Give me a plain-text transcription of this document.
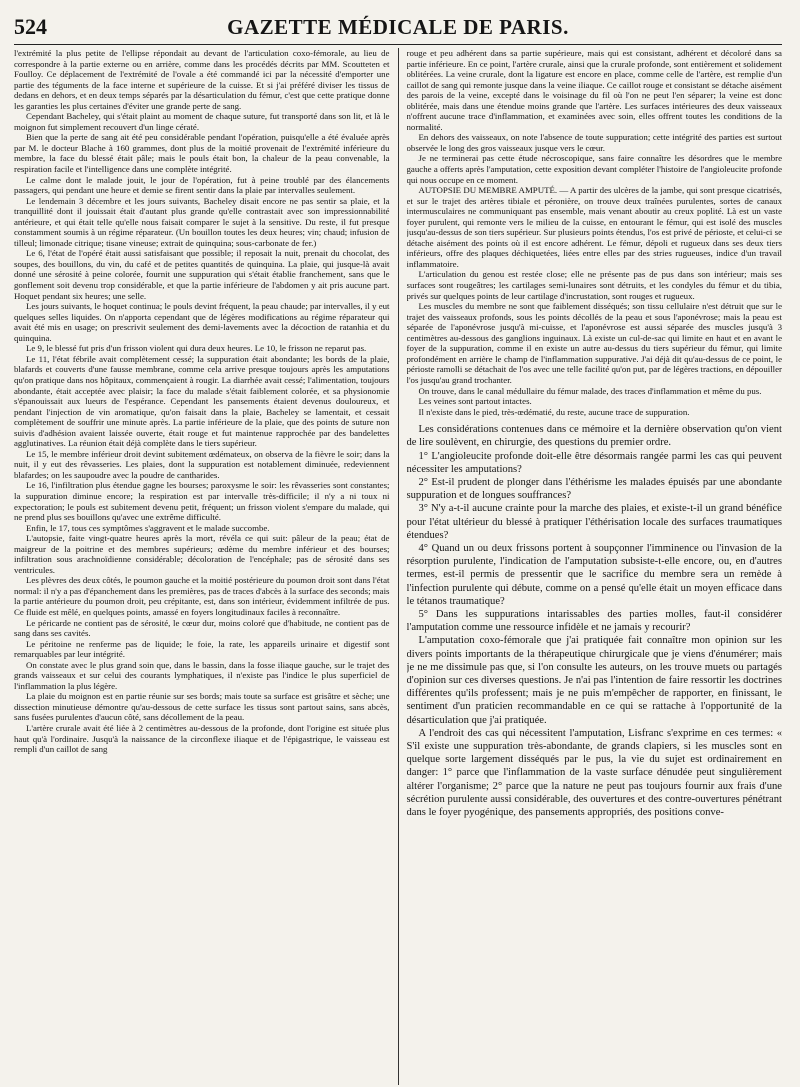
524	GAZETTE MÉDICALE DE PARIS.

l'extrémité la plus petite de l'ellipse répondait au devant de l'articulation coxo-fémorale, au lieu de correspondre à la partie externe ou en arrière, comme dans les procédés décrits par MM. Scoutteten et Foulloy. Ce déplacement de l'extrémité de l'ovale a été commandé ici par la nécessité d'emporter une partie des téguments de la face interne et supérieure de la cuisse. Et si j'ai préféré diviser les tissus de dedans en dehors, et en deux temps séparés par la désarticulation du fémur, c'est que cette pratique donne les garanties les plus certaines d'éviter une grande perte de sang.

Cependant Bacheley, qui s'était plaint au moment de chaque suture, fut transporté dans son lit, et là le moignon fut simplement recouvert d'un linge cératé.

Bien que la perte de sang ait été peu considérable pendant l'opération, puisqu'elle a été évaluée après par M. le docteur Blache à 160 grammes, dont plus de la moitié provenait de l'extrémité inférieure du membre, la face du blessé était pâle; mais le pouls était bon, la chaleur de la peau convenable, la respiration facile et l'intelligence dans une complète intégrité.

Le calme dont le malade jouit, le jour de l'opération, fut à peine troublé par des élancements passagers, qui pendant une heure et demie se firent sentir dans la plaie par intervalles seulement.

Le lendemain 3 décembre et les jours suivants, Bacheley disait encore ne pas sentir sa plaie, et la tranquillité dont il jouissait était d'autant plus grande qu'elle contrastait avec son impressionnabilité antérieure, et qui était telle qu'elle nous faisait comparer le sujet à la sensitive. Du reste, il fut presque constamment soumis à un régime réparateur. (Un bouillon toutes les deux heures; vin; chaud; infusion de tilleul; limonade citrique; tisane vineuse; extrait de quinquina; sous-carbonate de fer.)

Le 6, l'état de l'opéré était aussi satisfaisant que possible; il reposait la nuit, prenait du chocolat, des soupes, des bouillons, du vin, du café et de petites quantités de quinquina. La plaie, qui jusque-là avait donné une sérosité à peine colorée, fournit une suppuration qui s'était établie franchement, sans que le gonflement soit devenu trop considérable, et que la partie inférieure de l'abdomen y ait pris aucune part. Hoquet pendant six heures; une selle.

Les jours suivants, le hoquet continua; le pouls devint fréquent, la peau chaude; par intervalles, il y eut quelques selles liquides. On n'apporta cependant que de légères modifications au régime réparateur qui avait été mis en usage; on prescrivit seulement des demi-lavements avec la décoction de ratanhia et du quinquina.

Le 9, le blessé fut pris d'un frisson violent qui dura deux heures. Le 10, le frisson ne reparut pas.

Le 11, l'état fébrile avait complètement cessé; la suppuration était abondante; les bords de la plaie, blafards et couverts d'une fausse membrane, comme cela arrive presque toujours après les amputations qu'on pratique dans nos hôpitaux, commençaient à rougir. La diarrhée avait cessé; l'alimentation, toujours abondante, était acceptée avec plaisir; la face du malade s'était faiblement colorée, et sa physionomie s'épanouissait aux lueurs de l'espérance. Cependant les pansements étaient devenus douloureux, et pendant l'injection de vin aromatique, qu'on faisait dans la plaie, Bacheley se lamentait, et cessait complètement de souffrir une minute après. La partie inférieure de la plaie, que des points de suture non suivis d'adhésion avaient laissée ouverte, était rouge et fut maintenue rapprochée par des bandelettes agglutinatives. La réunion était déjà complète dans le tiers supérieur.

Le 15, le membre inférieur droit devint subitement œdémateux, on observa de la fièvre le soir; dans la nuit, il y eut des rêvasseries. Les plaies, dont la suppuration est notablement diminuée, redeviennent blafardes; on les saupoudre avec la poudre de cantharides.

Le 16, l'infiltration plus étendue gagne les bourses; paroxysme le soir: les rêvasseries sont constantes; la suppuration diminue encore; la respiration est par intervalle très-difficile; il n'y a ni toux ni expectoration; le pouls est subitement devenu petit, fréquent; un frisson violent s'empare du malade, qui ne prend plus ses bouillons qu'avec une extrême difficulté.

Enfin, le 17, tous ces symptômes s'aggravent et le malade succombe.

L'autopsie, faite vingt-quatre heures après la mort, révéla ce qui suit: pâleur de la peau; état de maigreur de la poitrine et des membres supérieurs; œdème du membre inférieur et des bourses; infiltration sous arachnoïdienne considérable; décoloration de l'encéphale; pas de sérosité dans ses ventricules.

Les plèvres des deux côtés, le poumon gauche et la moitié postérieure du poumon droit sont dans l'état normal: il n'y a pas d'épanchement dans les premières, pas de traces d'abcès à la surface des seconds; mais la partie antérieure du poumon droit, peu crépitante, est, dans son intérieur, évidemment infiltrée de pus. Ce fluide est mêlé, en quelques points, amassé en foyers longitudinaux faciles à reconnaître.

Le péricarde ne contient pas de sérosité, le cœur dur, moins coloré que d'habitude, ne contient pas de sang dans ses cavités.

Le péritoine ne renferme pas de liquide; le foie, la rate, les appareils urinaire et digestif sont remarquables par leur intégrité.

On constate avec le plus grand soin que, dans le bassin, dans la fosse iliaque gauche, sur le trajet des grands vaisseaux et sur celui des courants lymphatiques, il n'existe pas l'indice le plus superficiel de l'inflammation la plus légère.

La plaie du moignon est en partie réunie sur ses bords; mais toute sa surface est grisâtre et sèche; une dissection minutieuse démontre qu'au-dessous de cette surface les tissus sont partout sains, sans abcès, sans fusées purulentes d'aucun côté, sans décollement de la peau.

L'artère crurale avait été liée à 2 centimètres au-dessous de la profonde, dont l'origine est située plus haut qu'à l'ordinaire. Jusqu'à la naissance de la circonflexe iliaque et de l'épigastrique, le vaisseau est rempli d'un caillot de sang

rouge et peu adhérent dans sa partie supérieure, mais qui est consistant, adhérent et décoloré dans sa partie inférieure. En ce point, l'artère crurale, ainsi que la crurale profonde, sont entièrement et solidement oblitérées. La veine crurale, dont la ligature est encore en place, comme celle de l'artère, est remplie d'un caillot de sang qui remonte jusque dans la veine iliaque. Ce caillot rouge et consistant se détache aisément des parois de la veine, excepté dans le voisinage du fil où l'on ne peut l'en séparer; la veine est donc oblitérée, mais dans une étendue moins grande que l'artère. Les surfaces intérieures des deux vaisseaux n'offrent aucune trace d'inflammation, et examinées avec soin, elles offrent toutes les conditions de la normalité.

En dehors des vaisseaux, on note l'absence de toute suppuration; cette intégrité des parties est surtout observée le long des gros vaisseaux jusque vers le cœur.

Je ne terminerai pas cette étude nécroscopique, sans faire connaître les désordres que le membre gauche a offerts après l'amputation, cette exposition devant compléter l'histoire de l'angioleucite profonde qui nous occupe en ce moment.

AUTOPSIE DU MEMBRE AMPUTÉ. — A partir des ulcères de la jambe, qui sont presque cicatrisés, et sur le trajet des artères tibiale et péronière, on trouve deux traînées purulentes, sortes de canaux intermusculaires ne communiquant pas ensemble, mais venant aboutir au creux poplité. Là est un vaste foyer purulent, qui remonte vers le milieu de la cuisse, en entourant le fémur, qui est isolé des muscles jusqu'au-dessus de son tiers supérieur. Sur plusieurs points étendus, l'os est privé de périoste, et celui-ci se détache aisément des points où il est encore adhérent. Le fémur, dépoli et rugueux dans ses deux tiers inférieurs, offre des plaques déchiquetées, liées entre elles par des stries rugueuses, indice d'un travail inflammatoire.

L'articulation du genou est restée close; elle ne présente pas de pus dans son intérieur; mais ses surfaces sont rougeâtres; les cartilages semi-lunaires sont détruits, et les condyles du fémur et du tibia, privés sur quelques points de leur cartilage d'incrustation, sont rouges et rugueux.

Les muscles du membre ne sont que faiblement disséqués; son tissu cellulaire n'est détruit que sur le trajet des vaisseaux profonds, sous les points décollés de la peau et sous l'aponévrose; mais la peau est séparée de l'aponévrose jusqu'à mi-cuisse, et l'aponévrose est aussi séparée des muscles jusqu'à 3 centimètres au-dessous des ganglions inguinaux. Là existe un cul-de-sac qui limite en haut et en avant le foyer de la suppuration, comme il en existe un autre au-dessus du tiers supérieur du fémur, qui limite profondément en arrière le champ de l'inflammation suppurative. J'ai déjà dit qu'au-dessus de ce point, le périoste ramolli se détachait de l'os avec une telle facilité qu'on put, par de légères tractions, en dépouiller l'os jusqu'au grand trochanter.

On trouve, dans le canal médullaire du fémur malade, des traces d'inflammation et même du pus.

Les veines sont partout intactes.

Il n'existe dans le pied, très-œdématié, du reste, aucune trace de suppuration.

Les considérations contenues dans ce mémoire et la dernière observation qu'on vient de lire soulèvent, en chirurgie, des questions du premier ordre.

1° L'angioleucite profonde doit-elle être désormais rangée parmi les cas qui peuvent nécessiter les amputations?

2° Est-il prudent de plonger dans l'éthérisme les malades épuisés par une abondante suppuration et de longues souffrances?

3° N'y a-t-il aucune crainte pour la marche des plaies, et existe-t-il un grand bénéfice pour l'état ultérieur du blessé à pratiquer l'éthérisation locale des surfaces traumatiques étendues?

4° Quand un ou deux frissons portent à soupçonner l'imminence ou l'invasion de la résorption purulente, l'indication de l'amputation subsiste-t-elle encore, ou, en d'autres termes, est-il permis de pressentir que le sacrifice du membre sera un remède à l'infection purulente qui débute, comme on a pensé qu'elle était un moyen efficace dans le tétanos traumatique?

5° Dans les suppurations intarissables des parties molles, faut-il considérer l'amputation comme une ressource infidèle et ne jamais y recourir?

L'amputation coxo-fémorale que j'ai pratiquée fait connaître mon opinion sur les divers points importants de la thérapeutique chirurgicale que je viens d'énumérer; mais je ne me dissimule pas que, si l'on consulte les auteurs, on les trouve muets ou partagés d'opinion sur ces diverses questions. Je n'ai pas l'intention de faire ressortir les doctrines différentes qu'ils professent; mais je ne puis m'empêcher de rapporter, en finissant, le sentiment d'un praticien recommandable en ce qui se rattache à l'opportunité de la désarticulation que j'ai pratiquée.

A l'endroit des cas qui nécessitent l'amputation, Lisfranc s'exprime en ces termes: « S'il existe une suppuration très-abondante, de grands clapiers, si les muscles sont en quelque sorte largement disséqués par le pus, la vie du sujet est ordinairement en danger: 1° parce que l'inflammation de la vaste surface dénudée peut singulièrement altérer l'organisme; 2° parce que la nature ne peut pas toujours fournir aux frais d'une sécrétion purulente aussi considérable, des ouvertures et des contre-ouvertures pénétrant dans le foyer pyogénique, des pansements appropriés, des positions conve-
